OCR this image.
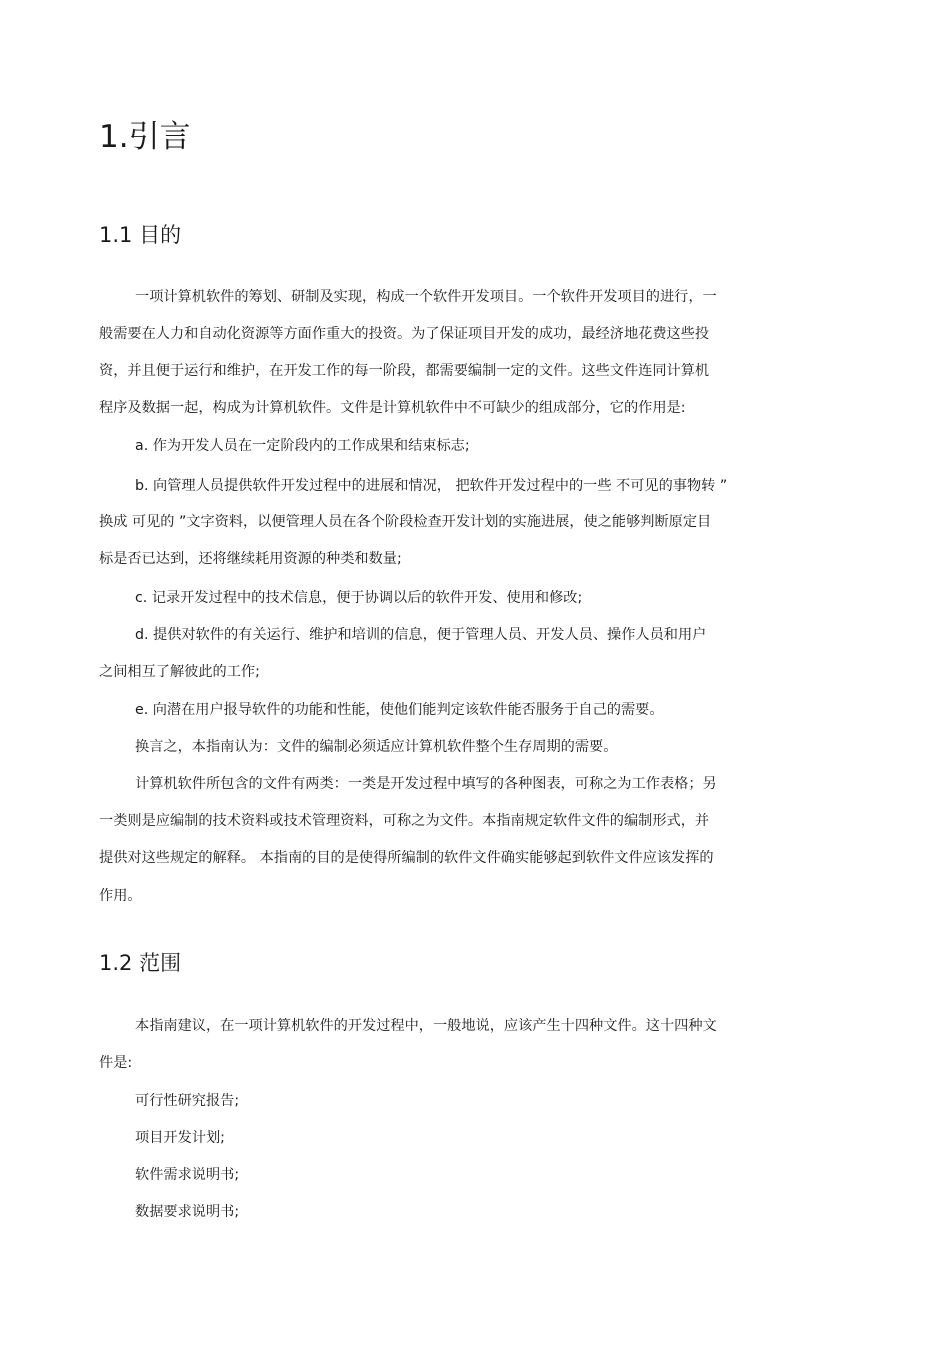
1.引言
1.1 目的

一项计算机软件的筹划、研制及实现，构成一个软件开发项目。一个软件开发项目的进行，一

般需要在人力和自动化资源等方面作重大的投资。为了保证项目开发的成功，最经济地花费这些投

资，并且便于运行和维护，在开发工作的每一阶段，都需要编制一定的文件。这些文件连同计算机

程序及数据一起，构成为计算机软件。文件是计算机软件中不可缺少的组成部分，它的作用是:

a. 作为开发人员在一定阶段内的工作成果和结束标志;

b. 向管理人员提供软件开发过程中的进展和情况， 把软件开发过程中的一些 不可见的事物转 ”

换成 可见的 ”文字资料，以便管理人员在各个阶段检查开发计划的实施进展，使之能够判断原定目

标是否已达到，还将继续耗用资源的种类和数量;

c. 记录开发过程中的技术信息，便于协调以后的软件开发、使用和修改;

d. 提供对软件的有关运行、维护和培训的信息，便于管理人员、开发人员、操作人员和用户

之间相互了解彼此的工作;

e. 向潜在用户报导软件的功能和性能，使他们能判定该软件能否服务于自己的需要。

换言之，本指南认为：文件的编制必须适应计算机软件整个生存周期的需要。

计算机软件所包含的文件有两类：一类是开发过程中填写的各种图表，可称之为工作表格；另

一类则是应编制的技术资料或技术管理资料，可称之为文件。本指南规定软件文件的编制形式，并

提供对这些规定的解释。 本指南的目的是使得所编制的软件文件确实能够起到软件文件应该发挥的

作用。

1.2 范围

本指南建议，在一项计算机软件的开发过程中，一般地说，应该产生十四种文件。这十四种文

件是:

可行性研究报告;

项目开发计划;

软件需求说明书;

数据要求说明书;
